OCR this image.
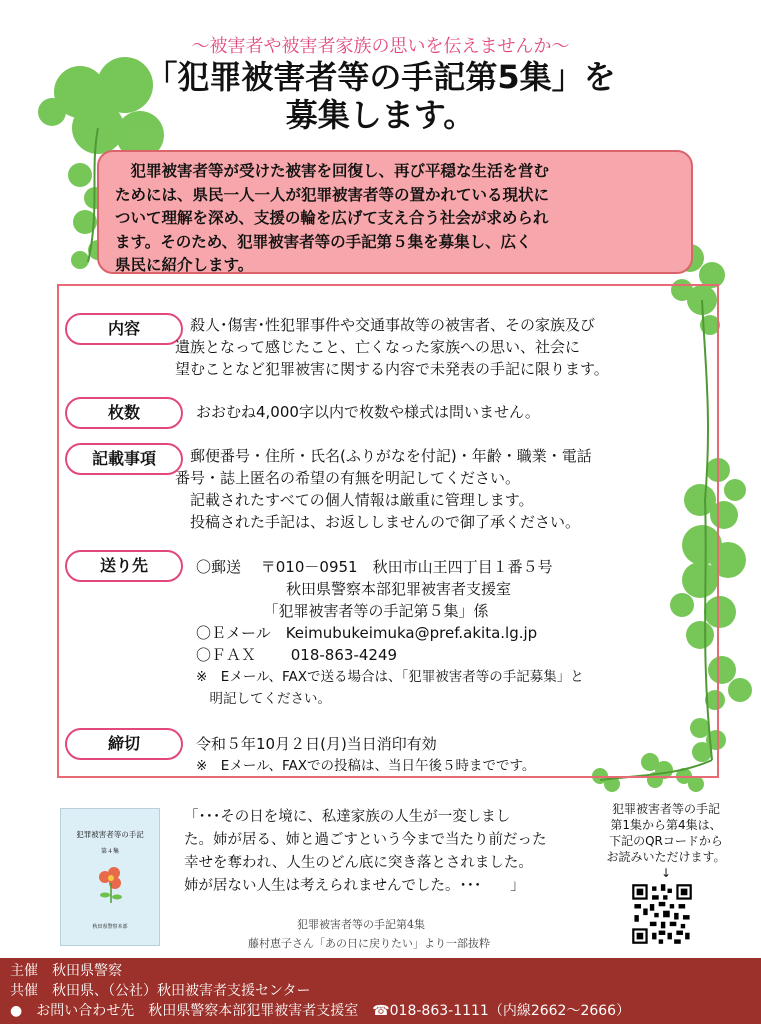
～被害者や被害者家族の思いを伝えませんか～
「犯罪被害者等の手記第5集」を
募集します。

　犯罪被害者等が受けた被害を回復し、再び平穏な生活を営む

ためには、県民一人一人が犯罪被害者等の置かれている現状に

ついて理解を深め、支援の輪を広げて支え合う社会が求められ

ます。そのため、犯罪被害者等の手記第５集を募集し、広く

県民に紹介します。

内容	　殺人･傷害･性犯罪事件や交通事故等の被害者、その家族及び
遺族となって感じたこと、亡くなった家族への思い、社会に
望むことなど犯罪被害に関する内容で未発表の手記に限ります。
枚数	おおむね4,000字以内で枚数や様式は問いません。
記載事項	　郵便番号・住所・氏名(ふりがなを付記)・年齢・職業・電話
番号・誌上匿名の希望の有無を明記してください。
　記載されたすべての個人情報は厳重に管理します。
　投稿された手記は、お返ししませんので御了承ください。
送り先	〇郵送　 〒010－0951　秋田市山王四丁目１番５号
　　　　　　秋田県警察本部犯罪被害者支援室
　　　　　「犯罪被害者等の手記第５集」係
〇Ｅメール　Keimubukeimuka@pref.akita.lg.jp
〇ＦＡＸ　　 018-863-4249
※　Eメール、FAXで送る場合は、「犯罪被害者等の手記募集」と
　明記してください。
締切	令和５年10月２日(月)当日消印有効
※　Eメール、FAXでの投稿は、当日午後５時までです。
犯罪被害者等の手記
第４集
秋田県警察本部
「･･･その日を境に、私達家族の人生が一変しまし
た。姉が居る、姉と過ごすという今まで当たり前だった
幸せを奪われ、人生のどん底に突き落とされました。
姉が居ない人生は考えられませんでした。･･･　　」
犯罪被害者等の手記第4集
藤村恵子さん「あの日に戻りたい」より一部抜粋
犯罪被害者等の手記
第1集から第4集は、
下記のQRコードから
お読みいただけます。
↓
主催　秋田県警察
共催　秋田県、（公社）秋田被害者支援センター
●　お問い合わせ先　秋田県警察本部犯罪被害者支援室　☎018-863-1111（内線2662～2666）
